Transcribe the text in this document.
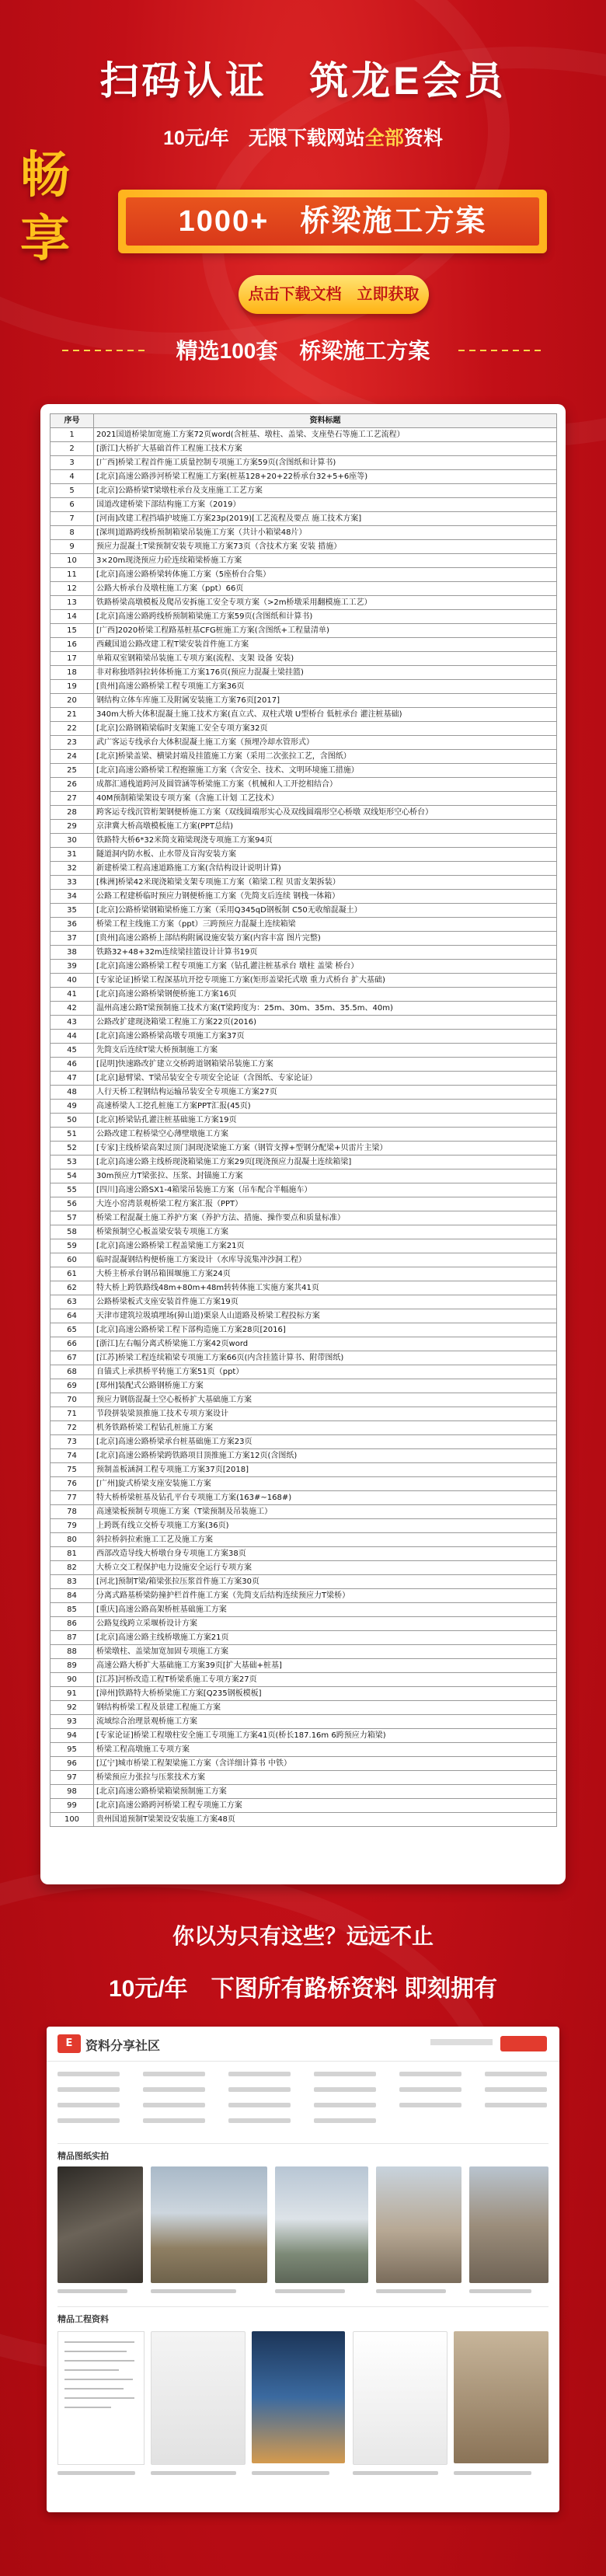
扫码认证　筑龙E会员
10元/年　无限下载网站全部资料
畅
享	1000+　桥梁施工方案
点击下载文档　立即获取
精选100套　桥梁施工方案
序号	资料标题
1	2021国道桥梁加宽施工方案72页word(含桩基、墩柱、盖梁、支座垫石等施工工艺流程）
2	[浙江]大桥扩大基础首件工程施工技术方案
3	[广西]桥梁工程首件施工质量控制专项施工方案59页(含图纸和计算书)
4	[北京]高速公路涉河桥梁工程施工方案(桩基128+20+22桥承台32+5+6座等)
5	[北京]公路桥梁T梁墩柱承台及支座施工工艺方案
6	国道改建桥梁下部结构施工方案（2019）
7	[河南]改建工程挡墙护坡施工方案23p(2019)[工艺流程及要点 施工技术方案]
8	[深圳]道路跨线桥预制箱梁吊装施工方案（共计小箱梁48片）
9	预应力混凝土T梁预制安装专项施工方案73页（含技术方案 安装 措施）
10	3×20m现浇预应力砼连续箱梁桥施工方案
11	[北京]高速公路桥梁转体施工方案（5座桥台合集）
12	公路大桥承台及墩柱施工方案（ppt）66页
13	铁路桥梁高墩模板及爬吊安拆施工安全专项方案（>2m桥墩采用翻模施工工艺）
14	[北京]高速公路跨线桥预制箱梁施工方案59页(含图纸和计算书)
15	[广西]2020桥梁工程路基桩基CFG桩施工方案(含图纸+工程量清单)
16	西藏国道公路改建工程T梁安装首件施工方案
17	单箱双室钢箱梁吊装施工专项方案(流程、支架 设备 安装)
18	非对称独塔斜拉转体桥施工方案176页(预应力混凝土梁挂篮)
19	[贵州]高速公路桥梁工程专项施工方案36页
20	钢结构立体车库施工及附属安装施工方案76页[2017]
21	340m大桥大体积混凝土施工技术方案(直立式、双柱式墩 U型桥台 低桩承台 灌注桩基础)
22	[北京]公路钢箱梁临时支架施工安全专项方案32页
23	武广客运专线承台大体积混凝土施工方案（预埋冷却水管形式）
24	[北京]桥梁盖梁、横梁封端及挂篮施工方案（采用二次张拉工艺，含图纸）
25	[北京]高速公路桥梁工程抱箍施工方案（含安全、技术、文明环境施工措施）
26	成都汇通栈道跨河及圆管涵等桥梁施工方案（机械和人工开挖相结合）
27	40M预制箱梁架设专项方案（含施工计划 工艺技术）
28	跨客运专线沉管桁架钢便桥施工方案（双线圆端形实心及双线圆端形空心桥墩 双线矩形空心桥台）
29	京津冀大桥高墩模板施工方案(PPT总结)
30	铁路特大桥6*32米简支箱梁现浇专项施工方案94页
31	隧道洞内防水板、止水带及盲沟安装方案
32	新建桥梁工程高速道路施工方案(含结构设计说明计算)
33	[株洲]桥梁42米现浇箱梁支架专项施工方案（箱梁工程 贝雷支架拆装）
34	公路工程建桥临时预应力钢便桥施工方案（先简支后连续 钢栈一体箱）
35	[北京]公路桥梁钢箱梁桥施工方案（采用Q345qD钢板制 C50无收缩混凝土）
36	桥梁工程主线施工方案（ppt）三跨预应力混凝土连续箱梁
37	[贵州]高速公路桥上部结构附属设施安装方案(内容丰富 图片完整)
38	铁路32+48+32m连续梁挂篮设计计算书19页
39	[北京]高速公路桥梁工程专项施工方案（钻孔灌注桩基承台 墩柱 盖梁 桥台）
40	[专家论证]桥梁工程深基坑开挖专项施工方案(矩形盖梁托式墩 重力式桥台 扩大基础)
41	[北京]高速公路桥梁钢便桥施工方案16页
42	温州高速公路T梁预制施工技术方案(T梁跨度为：25m、30m、35m、35.5m、40m)
43	公路改扩建现浇箱梁工程施工方案22页(2016)
44	[北京]高速公路桥梁高墩专项施工方案37页
45	先简支后连续T梁大桥预制施工方案
46	[昆明]快速路改扩建立交桥跨道钢箱梁吊装施工方案
47	[北京]悬臂梁、T梁吊装安全专项安全论证（含图纸、专家论证）
48	人行天桥工程钢结构运输吊装安全专项施工方案27页
49	高速桥梁人工挖孔桩施工方案PPT汇报(45页)
50	[北京]桥梁钻孔灌注桩基础施工方案19页
51	公路改建工程桥梁空心薄壁墩施工方案
52	[专家]主线桥梁高架过顶门洞现浇梁施工方案（钢管支撑+型钢分配梁+贝雷片主梁）
53	[北京]高速公路主线桥现浇箱梁施工方案29页[现浇预应力混凝土连续箱梁]
54	30m预应力T梁张拉、压浆、封锚施工方案
55	[四川]高速公路SX1-4箱梁吊装施工方案（吊车配合半幅施车）
56	大连小窑湾景观桥梁工程方案汇报（PPT）
57	桥梁工程混凝土施工养护方案（养护方法、措施、操作要点和质量标准）
58	桥梁预制空心板盖梁安装专项施工方案
59	[北京]高速公路桥梁工程盖梁施工方案21页
60	临时混凝钢结构便桥施工方案设计（水库导流集冲沙洞工程）
61	大桥主桥承台钢吊箱围堰施工方案24页
62	特大桥上跨铁路线48m+80m+48m转转体施工实施方案共41页
63	公路桥梁板式支座安装首件施工方案19页
64	天津市建筑垃圾填埋场(獐山道)栗泉人山道路及桥梁工程投标方案
65	[北京]高速公路桥梁工程下部构造施工方案28页[2016]
66	[浙江]左右幅分离式桥梁施工方案42页word
67	[江苏]桥梁工程连续箱梁专项施工方案66页(内含挂篮计算书、附带图纸)
68	自锚式上承拱桥平转施工方案51页（ppt）
69	[郑州]装配式公路钢桥施工方案
70	预应力钢筋混凝土空心板桥扩大基础施工方案
71	节段拼装梁顶推施工技术专项方案设计
72	机务铁路桥梁工程钻孔桩施工方案
73	[北京]高速公路桥梁承台桩基础施工方案23页
74	[北京]高速公路桥梁跨铁路项目顶推施工方案12页(含图纸)
75	预制盖板涵洞工程专项施工方案37页[2018]
76	[广州]旋式桥梁支座安装施工方案
77	特大桥桥梁桩基及钻孔平台专项施工方案(163#~168#)
78	高速梁板预制专项施工方案（T梁预制及吊装施工）
79	上跨既有线立交桥专项施工方案(36页)
80	斜拉桥斜拉索施工工艺及施工方案
81	西部改造导线大桥墩台身专项施工方案38页
82	大桥立交工程保护电力设施安全运行专项方案
83	[河北]预制T梁/箱梁张拉压浆首件施工方案30页
84	分离式路基桥梁防撞护栏首件施工方案（先简支后结构连续预应力T梁桥）
85	[重庆]高速公路高架桥桩基础施工方案
86	公路复线跨立采堰桥设计方案
87	[北京]高速公路主线桥墩施工方案21页
88	桥梁墩柱、盖梁加宽加固专项施工方案
89	高速公路大桥扩大基础施工方案39页[扩大基础+桩基]
90	[江苏]河桥改造工程T桥梁系施工专项方案27页
91	[漳州]铁路特大桥桥梁施工方案[Q235钢板模板]
92	钢结构桥梁工程及景建工程施工方案
93	流域综合治理景观桥施工方案
94	[专家论证]桥梁工程墩柱安全施工专项施工方案41页(桥长187.16m 6跨预应力箱梁)
95	桥梁工程高墩施工专项方案
96	[辽宁]城市桥梁工程架梁施工方案（含详细计算书 中铁）
97	桥梁预应力张拉与压浆技术方案
98	[北京]高速公路桥梁箱梁预制施工方案
99	[北京]高速公路跨河桥梁工程专项施工方案
100	贵州国道预制T梁架设安装施工方案48页
你以为只有这些？远远不止
10元/年　下图所有路桥资料 即刻拥有
E	资料分享社区
精品图纸实拍
精品工程资料
